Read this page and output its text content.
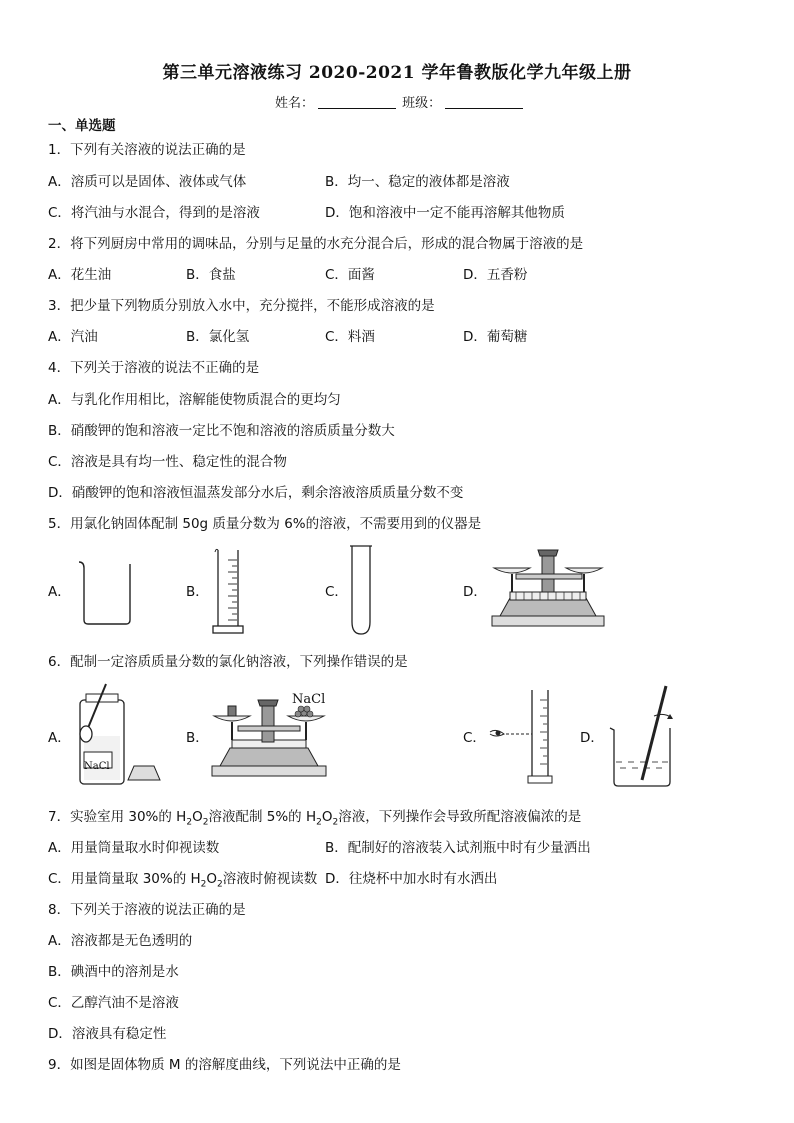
第三单元溶液练习 2020-2021 学年鲁教版化学九年级上册
姓名：	班级：
一、单选题
1．下列有关溶液的说法正确的是
A．溶质可以是固体、液体或气体	B．均一、稳定的液体都是溶液
C．将汽油与水混合，得到的是溶液	D．饱和溶液中一定不能再溶解其他物质
2．将下列厨房中常用的调味品，分别与足量的水充分混合后，形成的混合物属于溶液的是
A．花生油	B．食盐	C．面酱	D．五香粉
3．把少量下列物质分别放入水中，充分搅拌，不能形成溶液的是
A．汽油	B．氯化氢	C．料酒	D．葡萄糖
4．下列关于溶液的说法不正确的是
A．与乳化作用相比，溶解能使物质混合的更均匀
B．硝酸钾的饱和溶液一定比不饱和溶液的溶质质量分数大
C．溶液是具有均一性、稳定性的混合物
D．硝酸钾的饱和溶液恒温蒸发部分水后，剩余溶液溶质质量分数不变
5．用氯化钠固体配制 50g 质量分数为 6%的溶液，不需要用到的仪器是
A．	B．	C．	D．
6．配制一定溶质质量分数的氯化钠溶液，下列操作错误的是
A．
NaCl
B．
NaCl
C．	D．
7．实验室用 30%的 $H_2O_2$溶液配制 5%的 $H_2O_2$溶液，下列操作会导致所配溶液偏浓的是
A．用量筒量取水时仰视读数	B．配制好的溶液装入试剂瓶中时有少量洒出
C．用量筒量取 30%的 $H_2O_2$溶液时俯视读数 D．往烧杯中加水时有水洒出
8．下列关于溶液的说法正确的是
A．溶液都是无色透明的
B．碘酒中的溶剂是水
C．乙醇汽油不是溶液
D．溶液具有稳定性
9．如图是固体物质 M 的溶解度曲线，下列说法中正确的是
